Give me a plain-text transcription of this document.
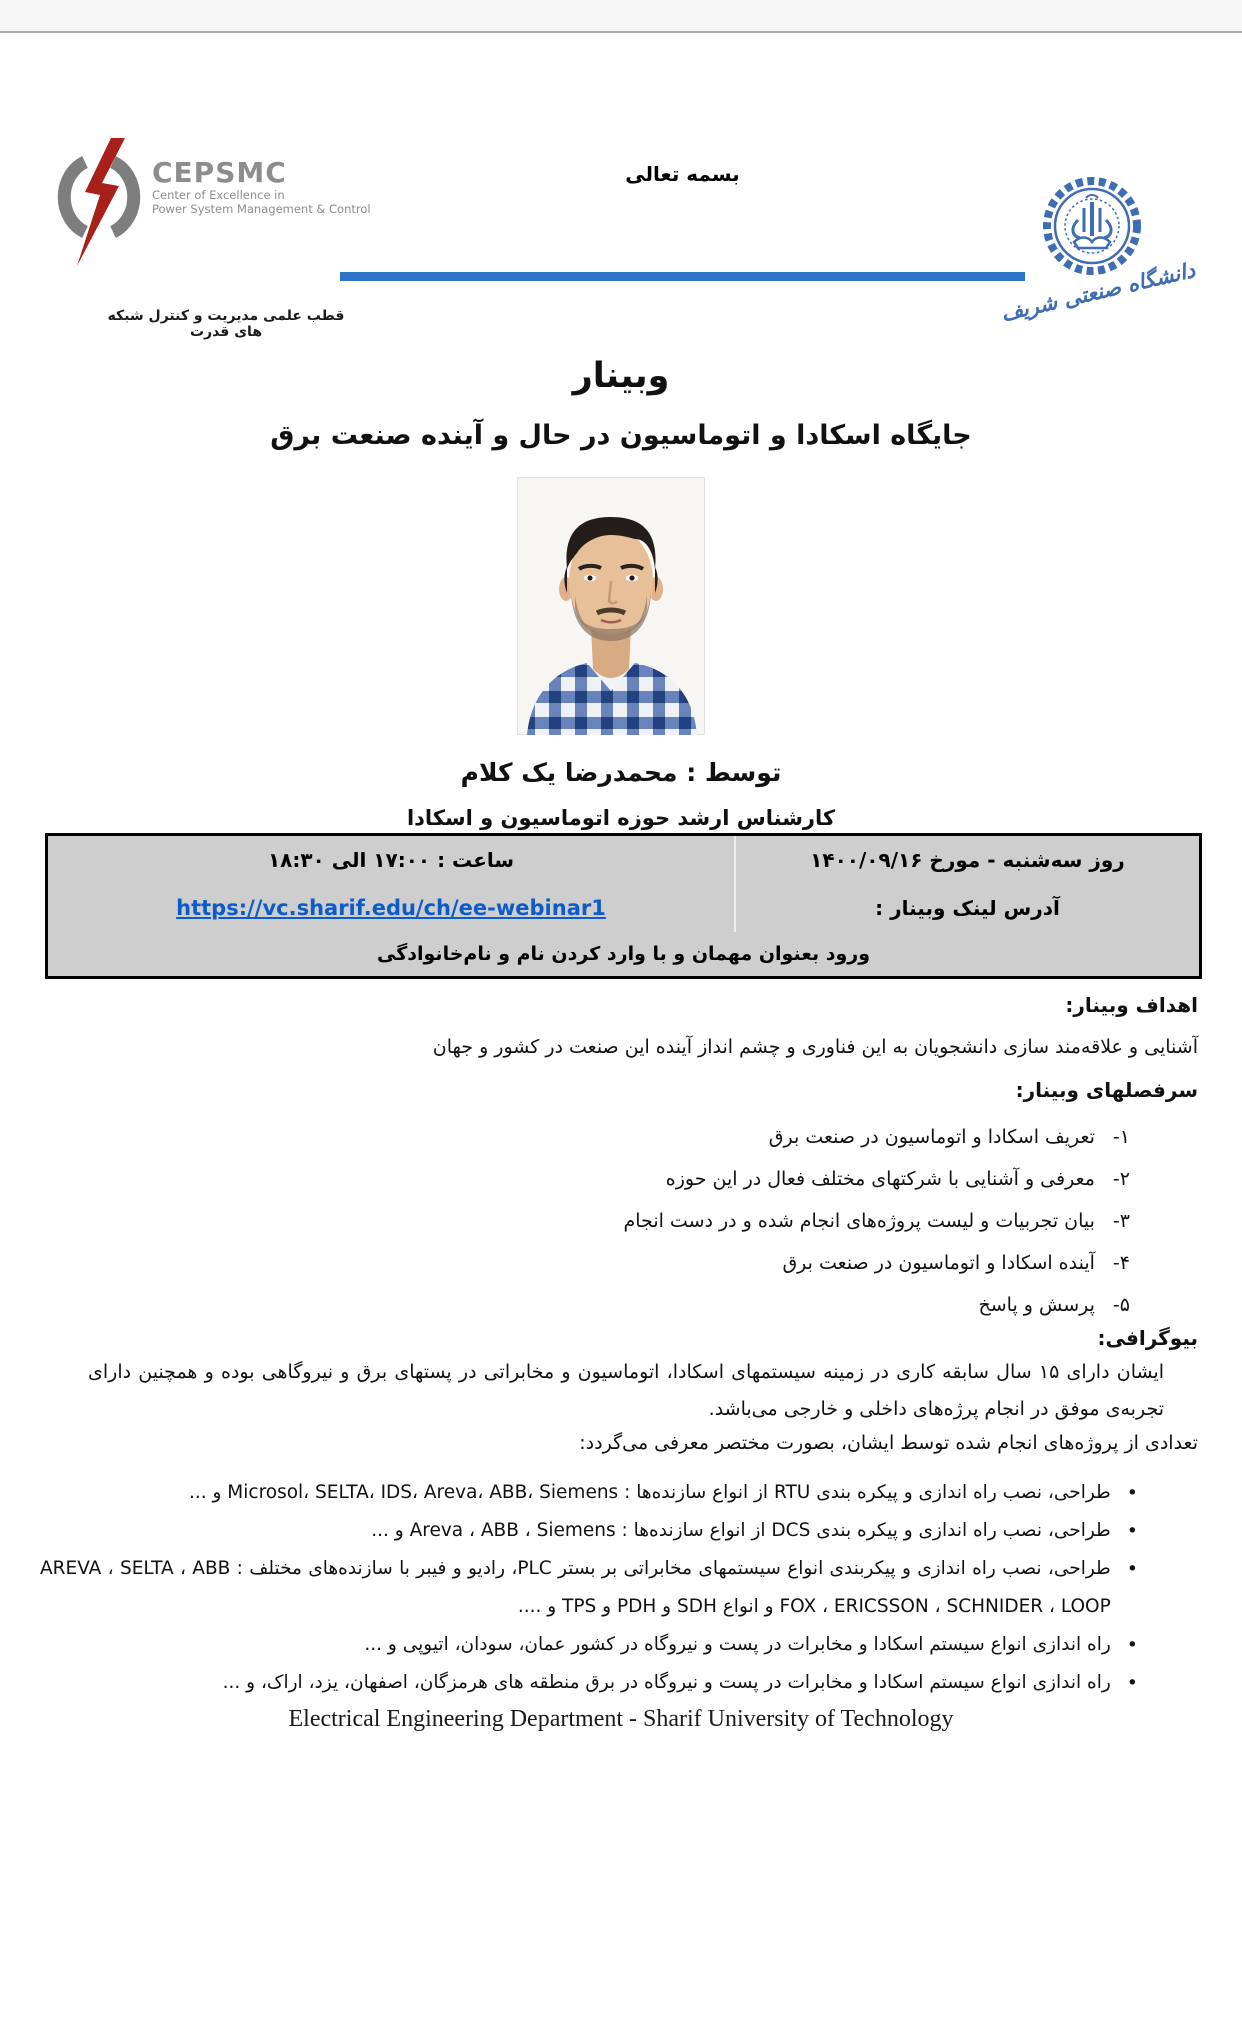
CEPSMC
Center of Excellence in
Power System Management & Control
قطب علمی مدیریت و کنترل شبکه های قدرت
بسمه تعالی
دانشگاه صنعتی شریف
وبینار
جایگاه اسکادا و اتوماسیون در حال و آینده صنعت برق
توسط : محمدرضا یک کلام
کارشناس ارشد حوزه اتوماسیون و اسکادا
روز سه‌شنبه - مورخ ۱۴۰۰/۰۹/۱۶
ساعت : ۱۷:۰۰ الی ۱۸:۳۰
آدرس لینک وبینار :
https://vc.sharif.edu/ch/ee-webinar1
ورود بعنوان مهمان و با وارد کردن نام و نام‌خانوادگی
اهداف وبینار:
آشنایی و علاقه‌مند سازی دانشجویان به این فناوری و چشم انداز آینده این صنعت در کشور و جهان
سرفصلهای وبینار:
۱-
تعریف اسکادا و اتوماسیون در صنعت برق
۲-
معرفی و آشنایی با شرکتهای مختلف فعال در این حوزه
۳-
بیان تجربیات و لیست پروژه‌های انجام شده و در دست انجام
۴-
آینده اسکادا و اتوماسیون در صنعت برق
۵-
پرسش و پاسخ
بیوگرافی:
ایشان دارای ۱۵ سال سابقه کاری در زمینه سیستمهای اسکادا، اتوماسیون و مخابراتی در پستهای برق و نیروگاهی بوده و همچنین دارای تجربه‌ی موفق در انجام پرژه‌های داخلی و خارجی می‌باشد.
تعدادی از پروژه‌های انجام شده توسط ایشان، بصورت مختصر معرفی می‌گردد:
•
طراحی، نصب راه اندازی و پیکره بندی RTU از انواع سازنده‌ها : Microsol، SELTA، IDS، Areva، ABB، Siemens و ...
•
طراحی، نصب راه اندازی و پیکره بندی DCS از انواع سازنده‌ها : Areva ، ABB ، Siemens و ...
•
طراحی، نصب راه اندازی و پیکربندی انواع سیستمهای مخابراتی بر بستر PLC، رادیو و فیبر با سازنده‌های مختلف : AREVA ، SELTA ، ABB FOX ، ERICSSON ، SCHNIDER ، LOOP و انواع SDH و PDH و TPS و ....
•
راه اندازی انواع سیستم اسکادا و مخابرات در پست و نیروگاه در کشور عمان، سودان، اتیوپی و ...
•
راه اندازی انواع سیستم اسکادا و مخابرات در پست و نیروگاه در برق منطقه های هرمزگان، اصفهان، یزد، اراک، و ...
Electrical Engineering Department - Sharif University of Technology
